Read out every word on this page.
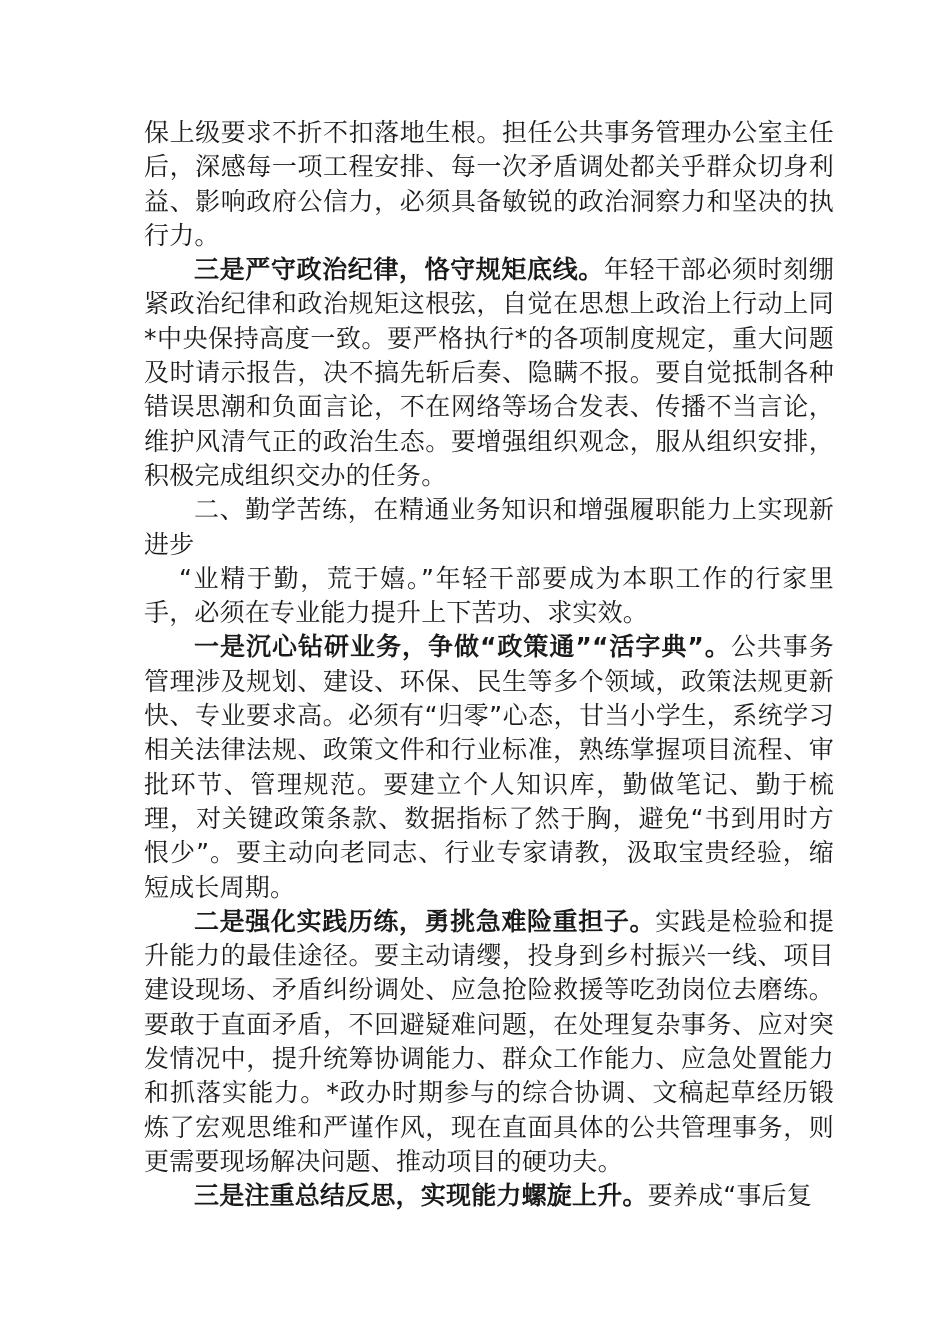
保上级要求不折不扣落地生根。担任公共事务管理办公室主任后，深感每一项工程安排、每一次矛盾调处都关乎群众切身利益、影响政府公信力，必须具备敏锐的政治洞察力和坚决的执行力。

三是严守政治纪律，恪守规矩底线。年轻干部必须时刻绷紧政治纪律和政治规矩这根弦，自觉在思想上政治上行动上同*中央保持高度一致。要严格执行*的各项制度规定，重大问题及时请示报告，决不搞先斩后奏、隐瞒不报。要自觉抵制各种错误思潮和负面言论，不在网络等场合发表、传播不当言论，维护风清气正的政治生态。要增强组织观念，服从组织安排，积极完成组织交办的任务。

二、勤学苦练，在精通业务知识和增强履职能力上实现新进步

“业精于勤，荒于嬉。”年轻干部要成为本职工作的行家里手，必须在专业能力提升上下苦功、求实效。

一是沉心钻研业务，争做“政策通”“活字典”。公共事务管理涉及规划、建设、环保、民生等多个领域，政策法规更新快、专业要求高。必须有“归零”心态，甘当小学生，系统学习相关法律法规、政策文件和行业标准，熟练掌握项目流程、审批环节、管理规范。要建立个人知识库，勤做笔记、勤于梳理，对关键政策条款、数据指标了然于胸，避免“书到用时方恨少”。要主动向老同志、行业专家请教，汲取宝贵经验，缩短成长周期。

二是强化实践历练，勇挑急难险重担子。实践是检验和提升能力的最佳途径。要主动请缨，投身到乡村振兴一线、项目建设现场、矛盾纠纷调处、应急抢险救援等吃劲岗位去磨练。要敢于直面矛盾，不回避疑难问题，在处理复杂事务、应对突发情况中，提升统筹协调能力、群众工作能力、应急处置能力和抓落实能力。*政办时期参与的综合协调、文稿起草经历锻炼了宏观思维和严谨作风，现在直面具体的公共管理事务，则更需要现场解决问题、推动项目的硬功夫。

三是注重总结反思，实现能力螺旋上升。要养成“事后复
